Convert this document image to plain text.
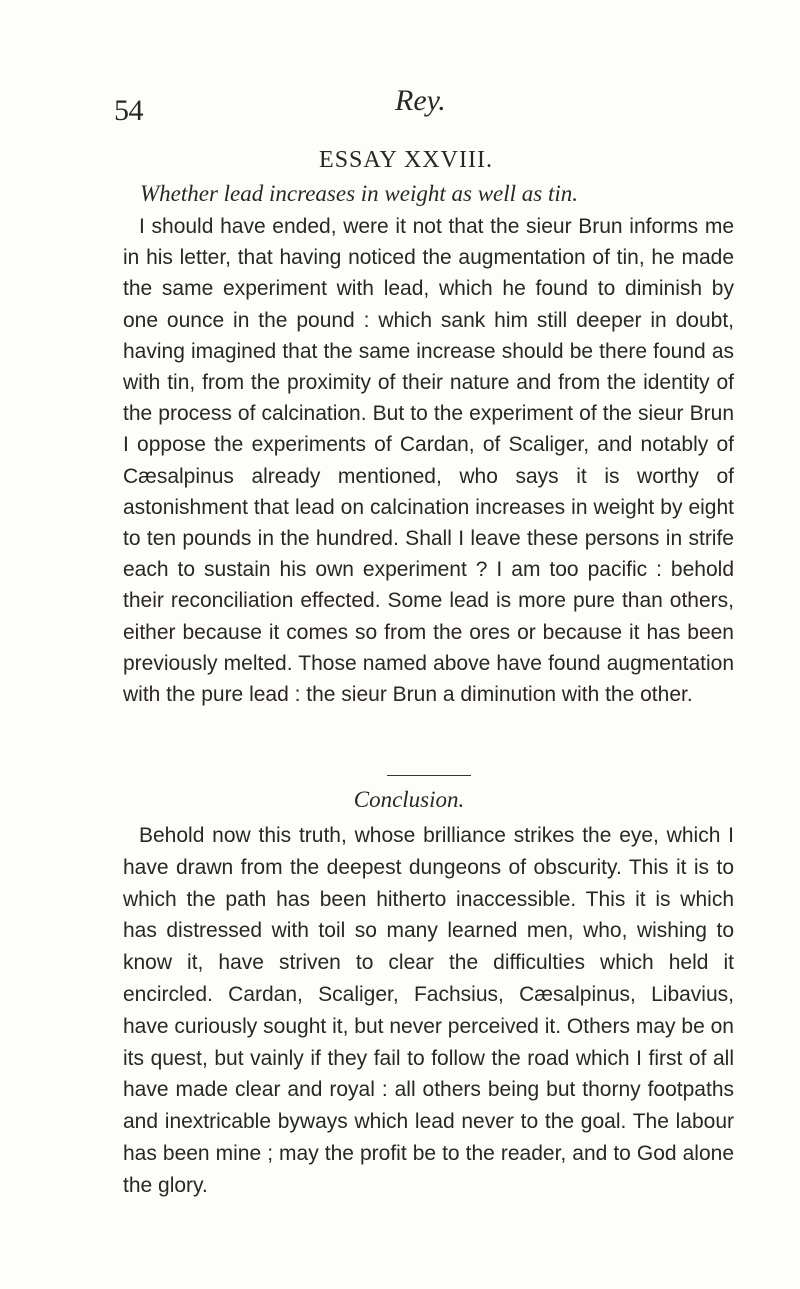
54	Rey.
ESSAY XXVIII.
Whether lead increases in weight as well as tin.

I should have ended, were it not that the sieur Brun informs me in his letter, that having noticed the augmentation of tin, he made the same experiment with lead, which he found to diminish by one ounce in the pound : which sank him still deeper in doubt, having imagined that the same increase should be there found as with tin, from the proximity of their nature and from the identity of the process of calcination. But to the experiment of the sieur Brun I oppose the experiments of Cardan, of Scaliger, and notably of Cæsalpinus already mentioned, who says it is worthy of astonishment that lead on calcination increases in weight by eight to ten pounds in the hundred. Shall I leave these persons in strife each to sustain his own experiment ? I am too pacific : behold their reconciliation effected. Some lead is more pure than others, either because it comes so from the ores or because it has been previously melted. Those named above have found augmentation with the pure lead : the sieur Brun a diminution with the other.

Conclusion.

Behold now this truth, whose brilliance strikes the eye, which I have drawn from the deepest dungeons of obscurity. This it is to which the path has been hitherto inaccessible. This it is which has distressed with toil so many learned men, who, wishing to know it, have striven to clear the difficulties which held it encircled. Cardan, Scaliger, Fachsius, Cæsalpinus, Libavius, have curiously sought it, but never perceived it. Others may be on its quest, but vainly if they fail to follow the road which I first of all have made clear and royal : all others being but thorny footpaths and inextricable byways which lead never to the goal. The labour has been mine ; may the profit be to the reader, and to God alone the glory.
